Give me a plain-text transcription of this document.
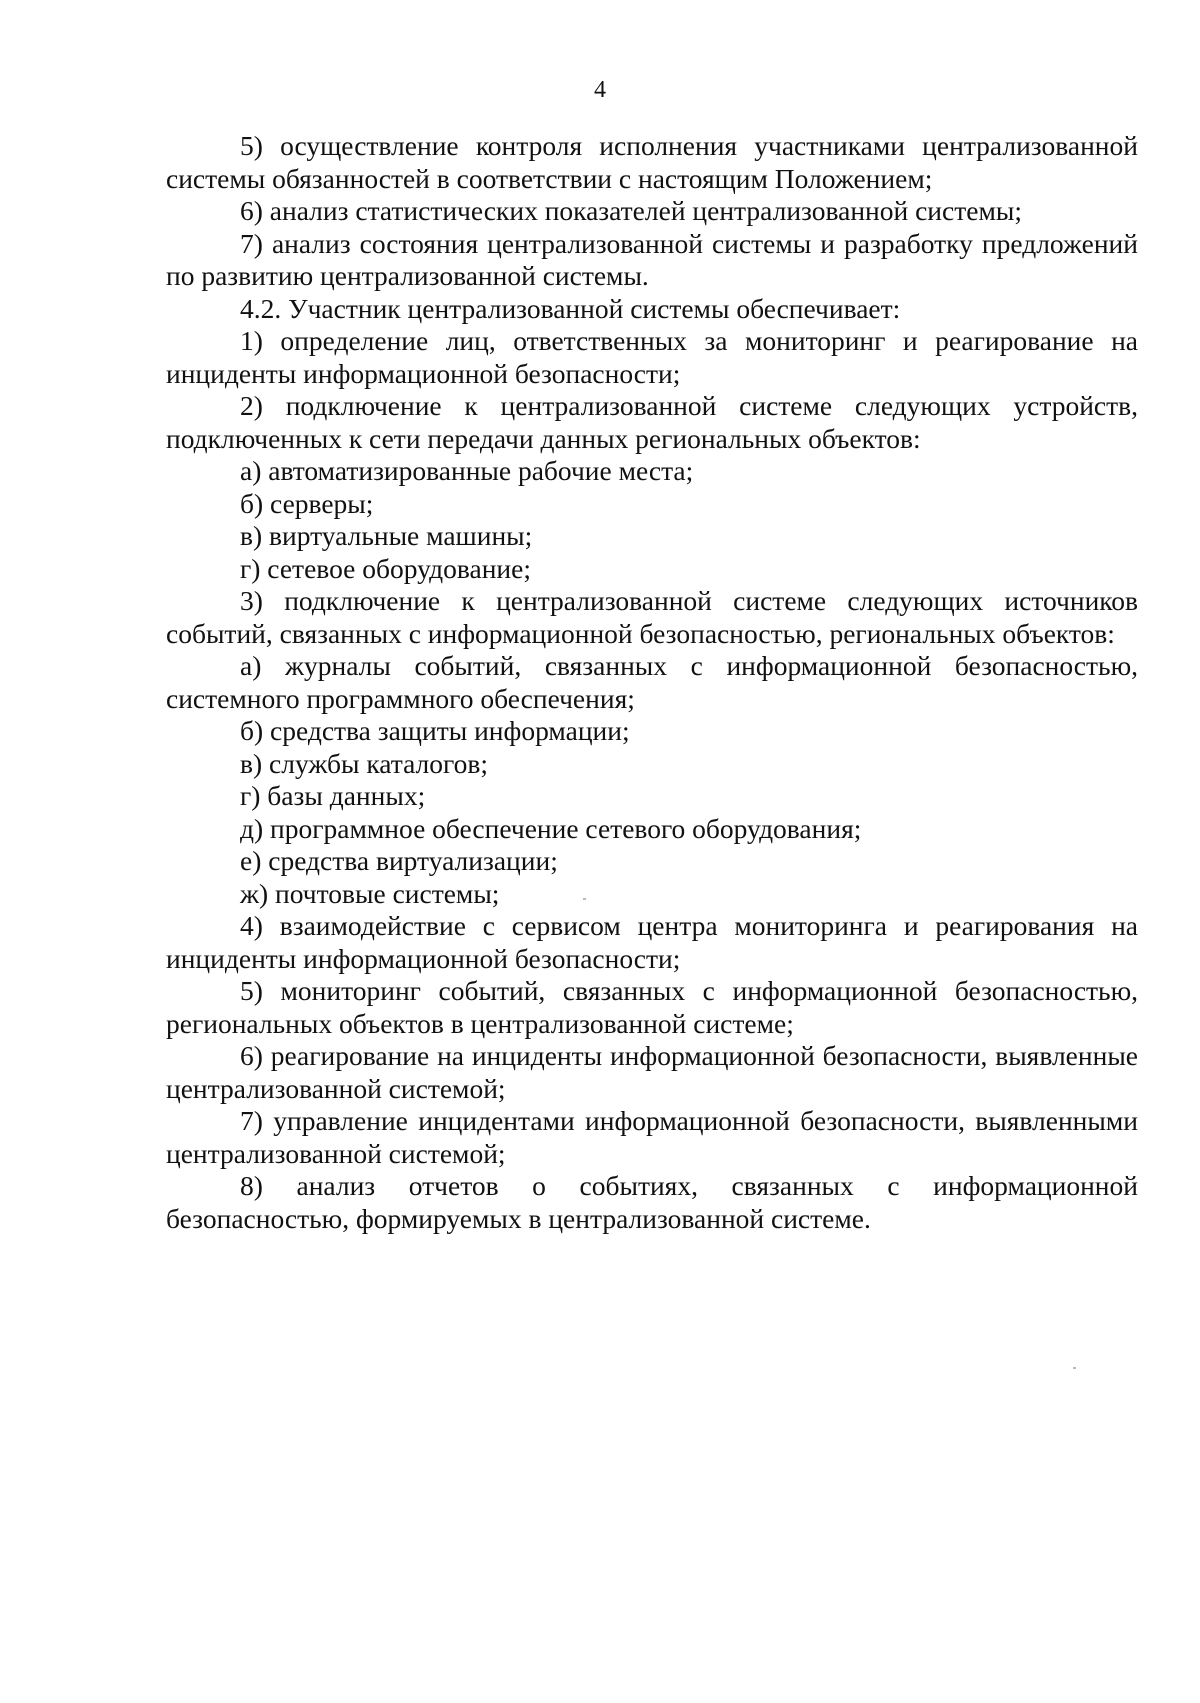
4

5) осуществление контроля исполнения участниками централизованной системы обязанностей в соответствии с настоящим Положением;

6) анализ статистических показателей централизованной системы;

7) анализ состояния централизованной системы и разработку предложений по развитию централизованной системы.

4.2. Участник централизованной системы обеспечивает:

1) определение лиц, ответственных за мониторинг и реагирование на инциденты информационной безопасности;

2) подключение к централизованной системе следующих устройств, подключенных к сети передачи данных региональных объектов:

а) автоматизированные рабочие места;

б) серверы;

в) виртуальные машины;

г) сетевое оборудование;

3) подключение к централизованной системе следующих источников событий, связанных с информационной безопасностью, региональных объектов:

а) журналы событий, связанных с информационной безопасностью, системного программного обеспечения;

б) средства защиты информации;

в) службы каталогов;

г) базы данных;

д) программное обеспечение сетевого оборудования;

е) средства виртуализации;

ж) почтовые системы;

4) взаимодействие с сервисом центра мониторинга и реагирования на инциденты информационной безопасности;

5) мониторинг событий, связанных с информационной безопасностью, региональных объектов в централизованной системе;

6) реагирование на инциденты информационной безопасности, выявленные централизованной системой;

7) управление инцидентами информационной безопасности, выявленными централизованной системой;

8) анализ отчетов о событиях, связанных с информационной безопасностью, формируемых в централизованной системе.
